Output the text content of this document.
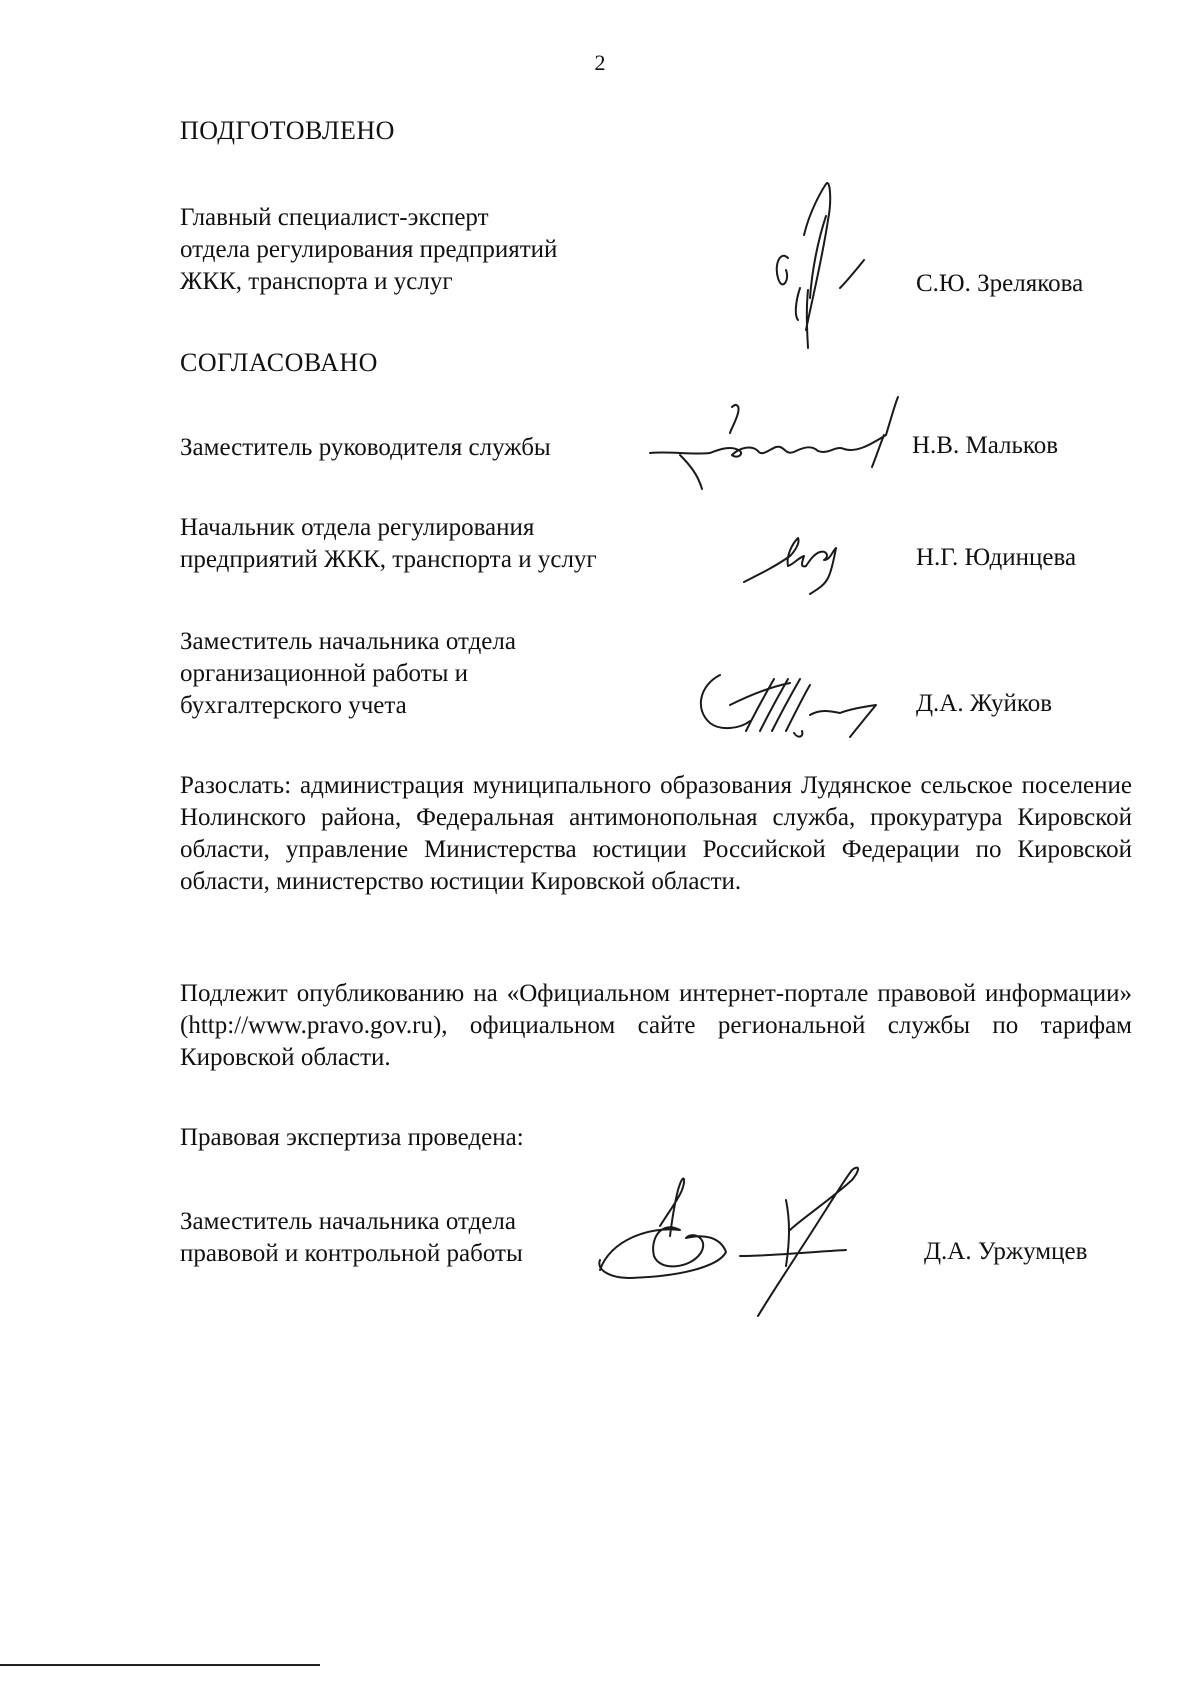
2
ПОДГОТОВЛЕНО
Главный специалист-эксперт
отдела регулирования предприятий
ЖКК, транспорта и услуг	С.Ю. Зрелякова
СОГЛАСОВАНО
Заместитель руководителя службы	Н.В. Мальков
Начальник отдела регулирования
предприятий ЖКК, транспорта и услуг	Н.Г. Юдинцева
Заместитель начальника отдела
организационной работы и
бухгалтерского учета	Д.А. Жуйков
Разослать: администрация муниципального образования Лудянское сельское поселение Нолинского района, Федеральная антимонопольная служба, прокуратура Кировской области, управление Министерства юстиции Российской Федерации по Кировской области, министерство юстиции Кировской области.
Подлежит опубликованию на «Официальном интернет-портале правовой информации» (http://www.pravo.gov.ru), официальном сайте региональной службы по тарифам Кировской области.
Правовая экспертиза проведена:
Заместитель начальника отдела
правовой и контрольной работы	Д.А. Уржумцев
